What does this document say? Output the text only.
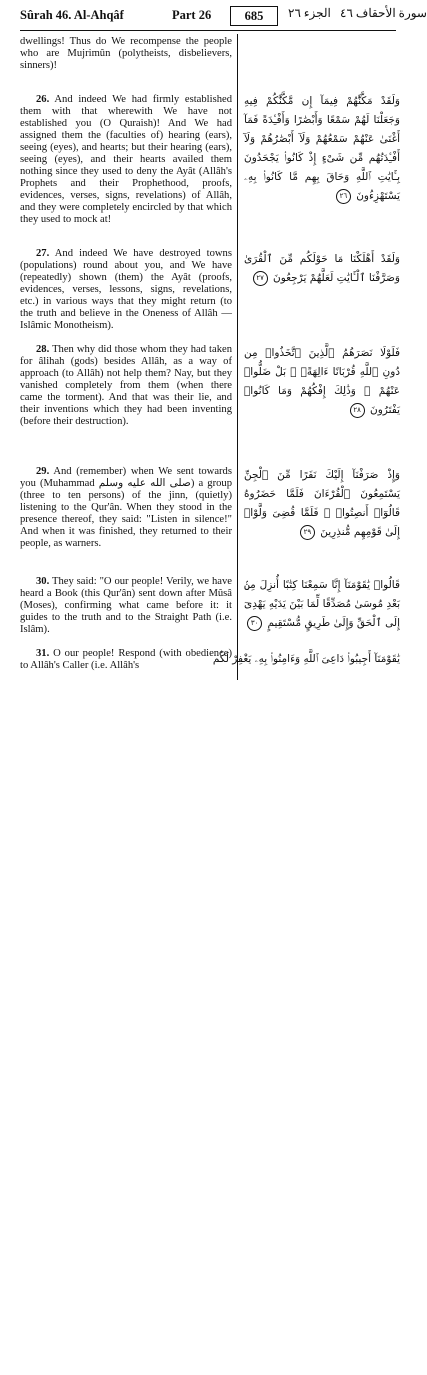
Sûrah 46. Al-Ahqâf	Part 26	685	الجزء ٢٦ سورة الأحقاف ٤٦

dwellings! Thus do We recompense the people who are Mujrimûn (polytheists, disbelievers, sinners)!

26. And indeed We had firmly established them with that wherewith We have not established you (O Quraish)! And We had assigned them the (faculties of) hearing (ears), seeing (eyes), and hearts; but their hearing (ears), seeing (eyes), and their hearts availed them nothing since they used to deny the Ayât (Allâh's Prophets and their Prophethood, proofs, evidences, verses, signs, revelations) of Allâh, and they were completely encircled by that which they used to mock at!

27. And indeed We have destroyed towns (populations) round about you, and We have (repeatedly) shown (them) the Ayât (proofs, evidences, verses, lessons, signs, revelations, etc.) in various ways that they might return (to the truth and believe in the Oneness of Allâh — Islâmic Monotheism).

28. Then why did those whom they had taken for âlihah (gods) besides Allâh, as a way of approach (to Allâh) not help them? Nay, but they vanished completely from them (when there came the torment). And that was their lie, and their inventions which they had been inventing (before their destruction).

29. And (remember) when We sent towards you (Muhammad صلى الله عليه وسلم) a group (three to ten persons) of the jinn, (quietly) listening to the Qur'ân. When they stood in the presence thereof, they said: "Listen in silence!" And when it was finished, they returned to their people, as warners.

30. They said: "O our people! Verily, we have heard a Book (this Qur'ân) sent down after Mûsâ (Moses), confirming what came before it: it guides to the truth and to the Straight Path (i.e. Islâm).

31. O our people! Respond (with obedience) to Allâh's Caller (i.e. Allâh's

وَلَقَدْ مَكَّنَّٰهُمْ فِيمَآ إِن مَّكَّنَّٰكُمْ فِيهِ وَجَعَلْنَا لَهُمْ سَمْعًا وَأَبْصَٰرًا وَأَفْـِٔدَةً فَمَآ أَغْنَىٰ عَنْهُمْ سَمْعُهُمْ وَلَآ أَبْصَٰرُهُمْ وَلَآ أَفْـِٔدَتُهُم مِّن شَىْءٍ إِذْ كَانُوا۟ يَجْحَدُونَ بِـَٔايَٰتِ ٱللَّهِ وَحَاقَ بِهِم مَّا كَانُوا۟ بِهِۦ يَسْتَهْزِءُونَ ٢٦
وَلَقَدْ أَهْلَكْنَا مَا حَوْلَكُم مِّنَ ٱلْقُرَىٰ وَصَرَّفْنَا ٱلْـَٔايَٰتِ لَعَلَّهُمْ يَرْجِعُونَ ٢٧
فَلَوْلَا نَصَرَهُمُ ٱلَّذِينَ ٱتَّخَذُوا۟ مِن دُونِ ٱللَّهِ قُرْبَانًا ءَالِهَةًۢ ۖ بَلْ ضَلُّوا۟ عَنْهُمْ ۚ وَذَٰلِكَ إِفْكُهُمْ وَمَا كَانُوا۟ يَفْتَرُونَ ٢٨
وَإِذْ صَرَفْنَآ إِلَيْكَ نَفَرًا مِّنَ ٱلْجِنِّ يَسْتَمِعُونَ ٱلْقُرْءَانَ فَلَمَّا حَضَرُوهُ قَالُوٓا۟ أَنصِتُوا۟ ۖ فَلَمَّا قُضِىَ وَلَّوْا۟ إِلَىٰ قَوْمِهِم مُّنذِرِينَ ٢٩
قَالُوا۟ يَٰقَوْمَنَآ إِنَّا سَمِعْنَا كِتَٰبًا أُنزِلَ مِنۢ بَعْدِ مُوسَىٰ مُصَدِّقًا لِّمَا بَيْنَ يَدَيْهِ يَهْدِىٓ إِلَى ٱلْحَقِّ وَإِلَىٰ طَرِيقٍ مُّسْتَقِيمٍ ٣٠
يَٰقَوْمَنَآ أَجِيبُوا۟ دَاعِىَ ٱللَّهِ وَءَامِنُوا۟ بِهِۦ يَغْفِرْ لَكُم
